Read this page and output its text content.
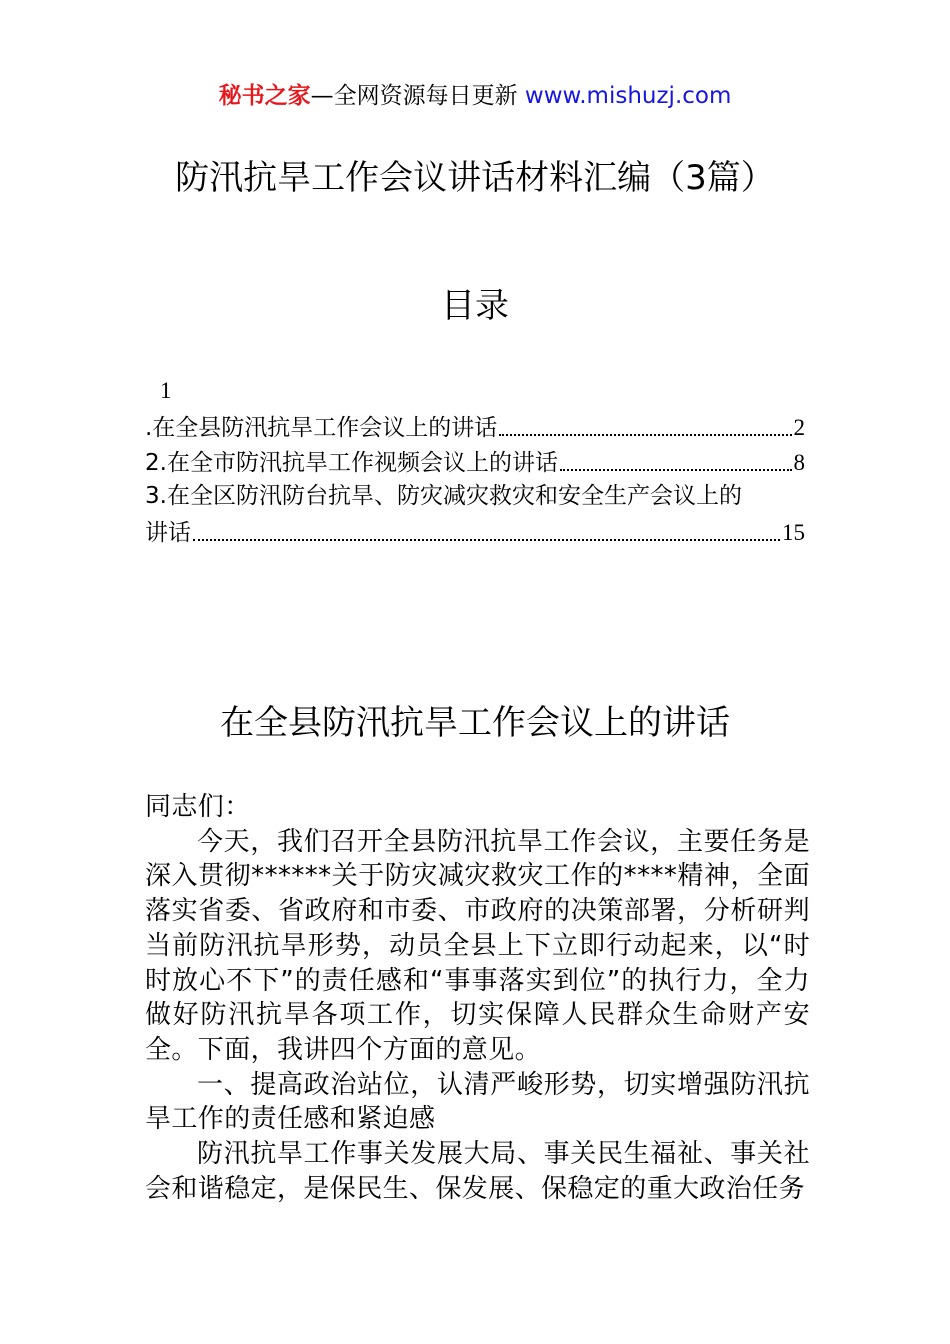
秘书之家—全网资源每日更新 www.mishuzj.com
防汛抗旱工作会议讲话材料汇编（3篇）
目录
1
.在全县防汛抗旱工作会议上的讲话	2
2.在全市防汛抗旱工作视频会议上的讲话	8
3.在全区防汛防台抗旱、防灾减灾救灾和安全生产会议上的
讲话	15
在全县防汛抗旱工作会议上的讲话

同志们：

今天，我们召开全县防汛抗旱工作会议，主要任务是深入贯彻******关于防灾减灾救灾工作的****精神，全面落实省委、省政府和市委、市政府的决策部署，分析研判当前防汛抗旱形势，动员全县上下立即行动起来，以“时时放心不下”的责任感和“事事落实到位”的执行力，全力做好防汛抗旱各项工作，切实保障人民群众生命财产安全。下面，我讲四个方面的意见。

一、提高政治站位，认清严峻形势，切实增强防汛抗旱工作的责任感和紧迫感

防汛抗旱工作事关发展大局、事关民生福祉、事关社会和谐稳定，是保民生、保发展、保稳定的重大政治任务
